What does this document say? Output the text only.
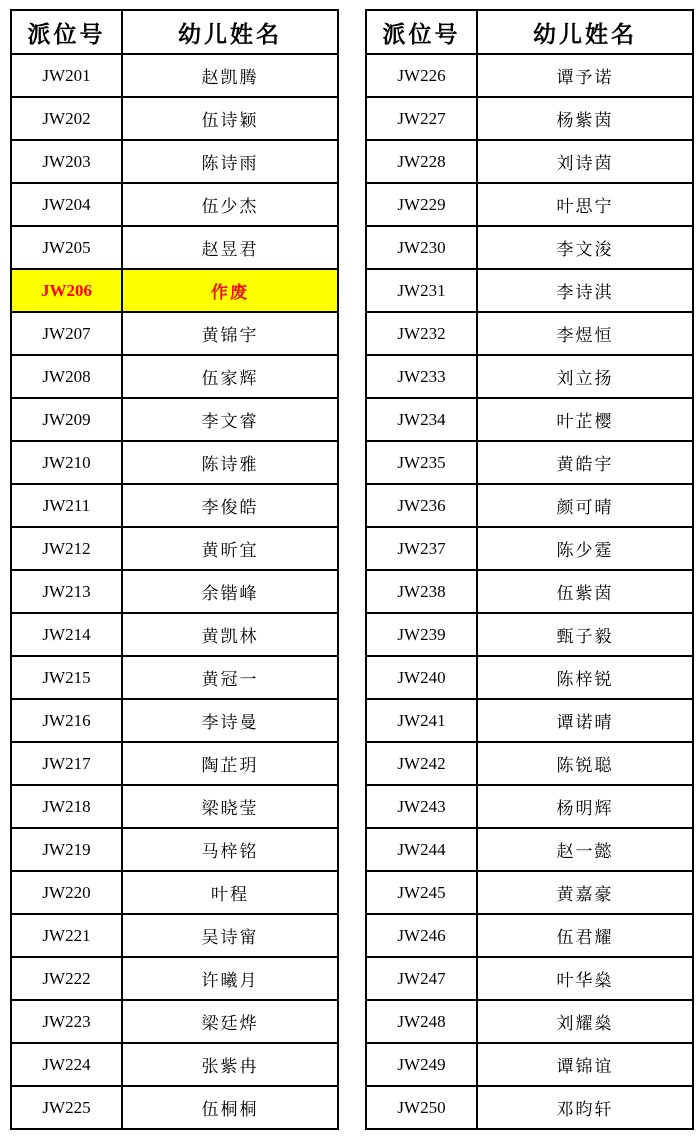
派位号	幼儿姓名
JW201	赵凯腾
JW202	伍诗颖
JW203	陈诗雨
JW204	伍少杰
JW205	赵昱君
JW206	作废
JW207	黄锦宇
JW208	伍家辉
JW209	李文睿
JW210	陈诗雅
JW211	李俊皓
JW212	黄昕宜
JW213	余锴峰
JW214	黄凯林
JW215	黄冠一
JW216	李诗曼
JW217	陶芷玥
JW218	梁晓莹
JW219	马梓铭
JW220	叶程
JW221	吴诗甯
JW222	许曦月
JW223	梁廷烨
JW224	张紫冉
JW225	伍桐桐
派位号	幼儿姓名
JW226	谭予诺
JW227	杨紫茵
JW228	刘诗茵
JW229	叶思宁
JW230	李文浚
JW231	李诗淇
JW232	李煜恒
JW233	刘立扬
JW234	叶芷樱
JW235	黄皓宇
JW236	颜可晴
JW237	陈少霆
JW238	伍紫茵
JW239	甄子毅
JW240	陈梓锐
JW241	谭诺晴
JW242	陈锐聪
JW243	杨明辉
JW244	赵一懿
JW245	黄嘉豪
JW246	伍君耀
JW247	叶华燊
JW248	刘耀燊
JW249	谭锦谊
JW250	邓昀轩
